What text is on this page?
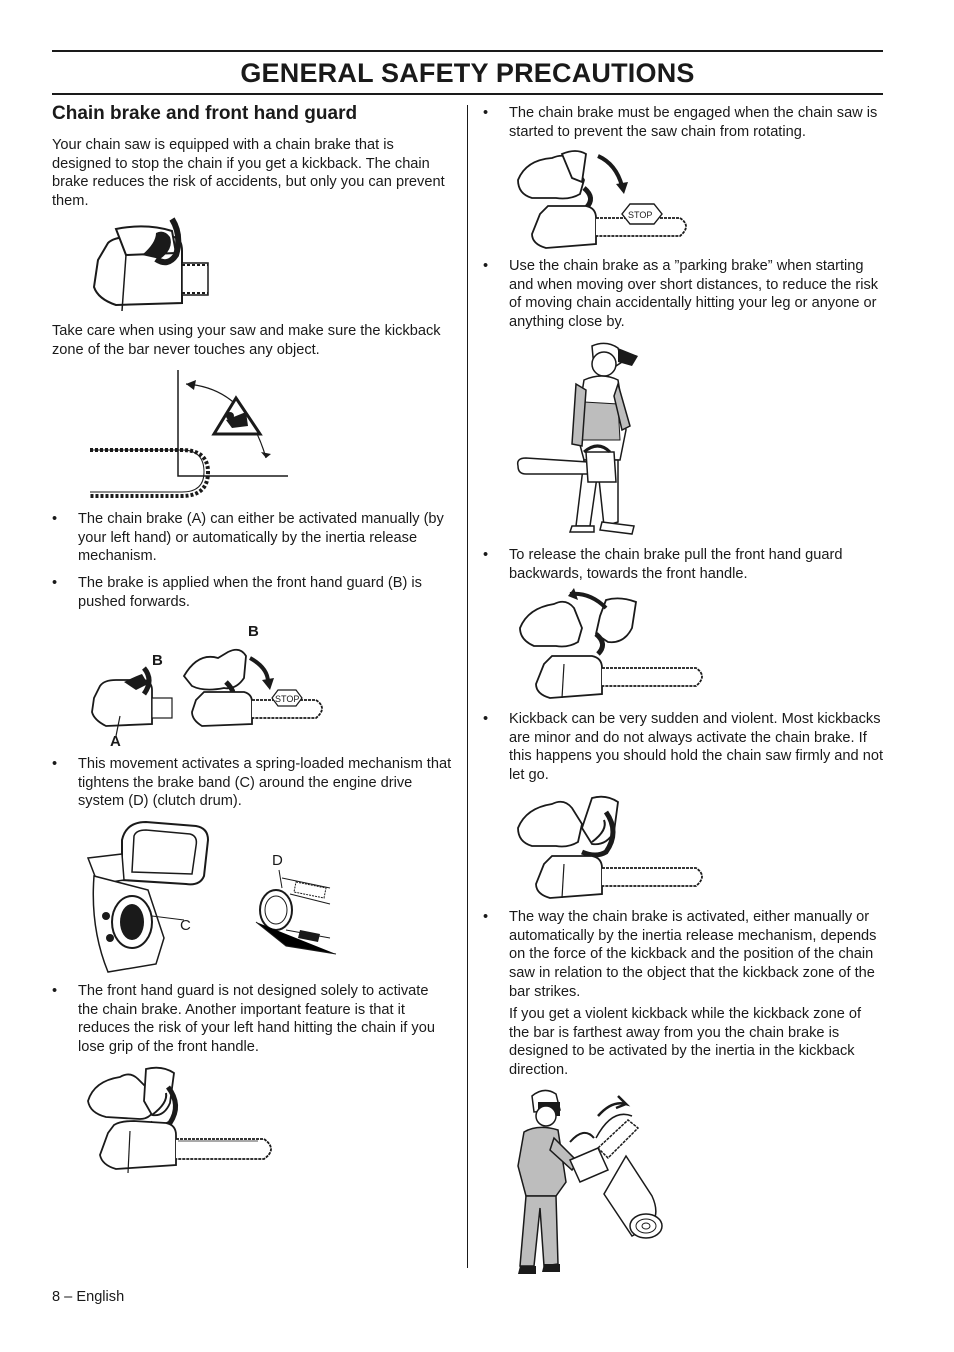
GENERAL SAFETY PRECAUTIONS
Chain brake and front hand guard

Your chain saw is equipped with a chain brake that is designed to stop the chain if you get a kickback. The chain brake reduces the risk of accidents, but only you can prevent them.

Take care when using your saw and make sure the kickback zone of the bar never touches any object.

• The chain brake (A) can either be activated manually (by your left hand) or automatically by the inertia release mechanism.
• The brake is applied when the front hand guard (B) is pushed forwards.
B
B
A
STOP
• This movement activates a spring-loaded mechanism that tightens the brake band (C) around the engine drive system (D) (clutch drum).
C
D
• The front hand guard is not designed solely to activate the chain brake. Another important feature is that it reduces the risk of your left hand hitting the chain if you lose grip of the front handle.
• The chain brake must be engaged when the chain saw is started to prevent the saw chain from rotating.
STOP
• Use the chain brake as a ”parking brake” when starting and when moving over short distances, to reduce the risk of moving chain accidentally hitting your leg or anyone or anything close by.
• To release the chain brake pull the front hand guard backwards, towards the front handle.
• Kickback can be very sudden and violent. Most kickbacks are minor and do not always activate the chain brake. If this happens you should hold the chain saw firmly and not let go.
• The way the chain brake is activated, either manually or automatically by the inertia release mechanism, depends on the force of the kickback and the position of the chain saw in relation to the object that the kickback zone of the bar strikes.

If you get a violent kickback while the kickback zone of the bar is farthest away from you the chain brake is designed to be activated by the inertia in the kickback direction.

8 – English
